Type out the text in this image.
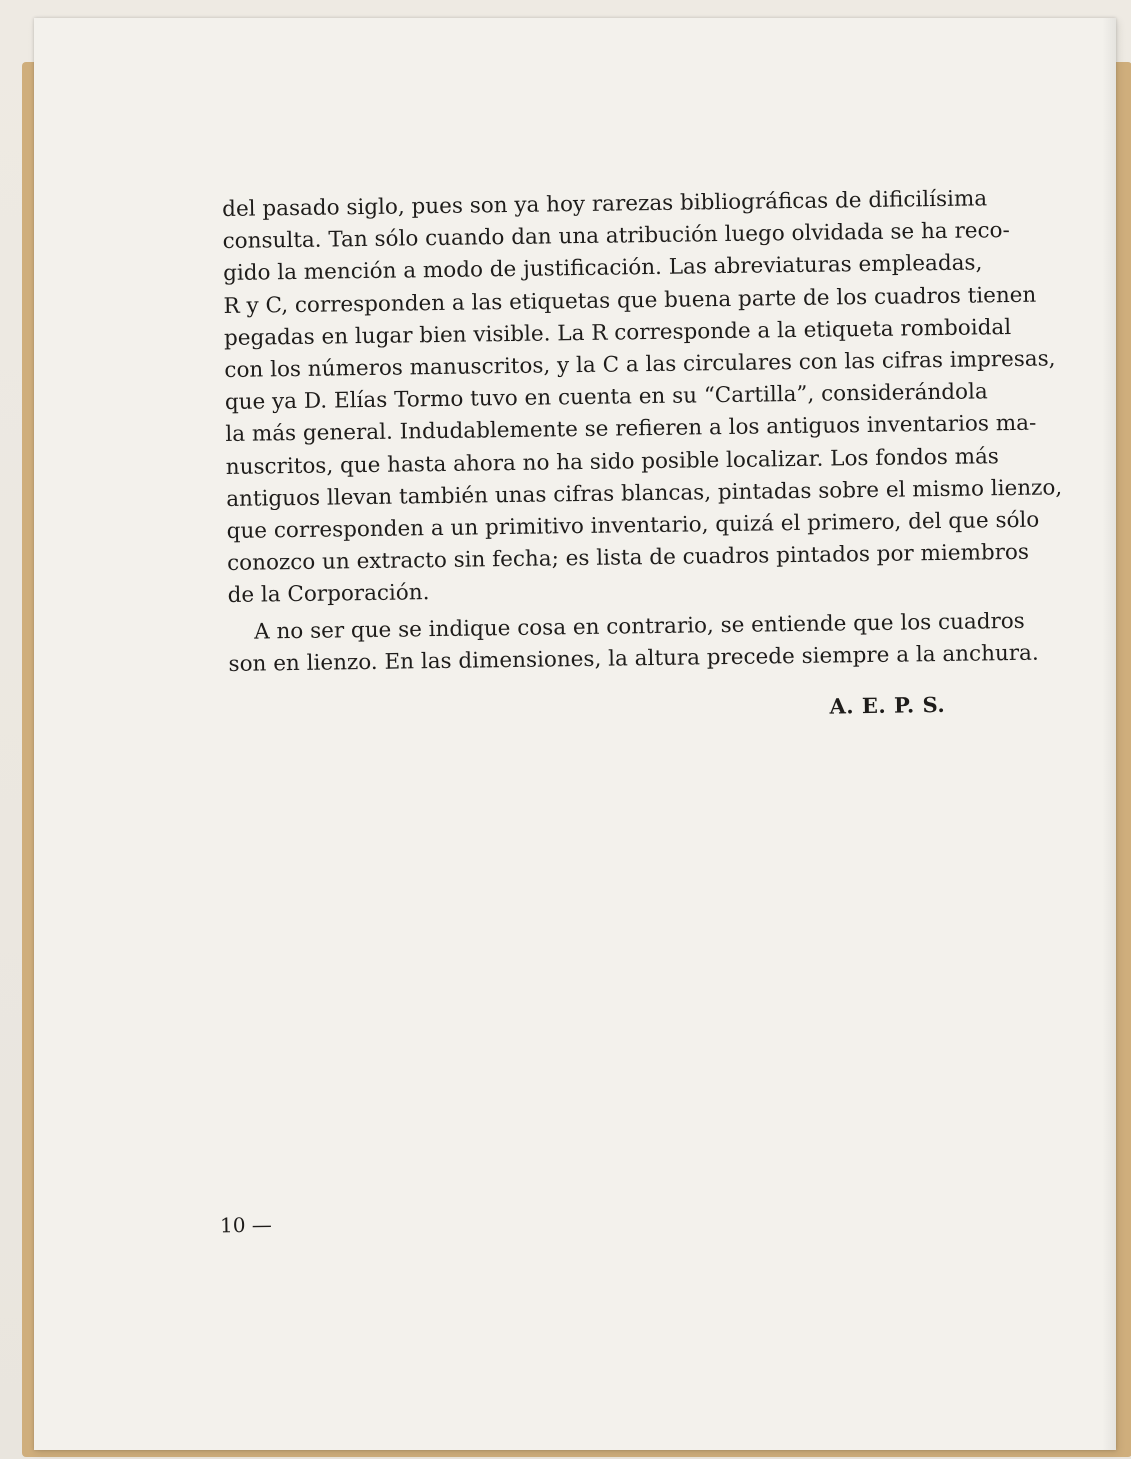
del pasado siglo, pues son ya hoy rarezas bibliográficas de dificilísima
consulta. Tan sólo cuando dan una atribución luego olvidada se ha reco-
gido la mención a modo de justificación. Las abreviaturas empleadas,
R y C, corresponden a las etiquetas que buena parte de los cuadros tienen
pegadas en lugar bien visible. La R corresponde a la etiqueta romboidal
con los números manuscritos, y la C a las circulares con las cifras impresas,
que ya D. Elías Tormo tuvo en cuenta en su “Cartilla”, considerándola
la más general. Indudablemente se refieren a los antiguos inventarios ma-
nuscritos, que hasta ahora no ha sido posible localizar. Los fondos más
antiguos llevan también unas cifras blancas, pintadas sobre el mismo lienzo,
que corresponden a un primitivo inventario, quizá el primero, del que sólo
conozco un extracto sin fecha; es lista de cuadros pintados por miembros
de la Corporación.
A no ser que se indique cosa en contrario, se entiende que los cuadros
son en lienzo. En las dimensiones, la altura precede siempre a la anchura.
A. E. P. S.
10 —
